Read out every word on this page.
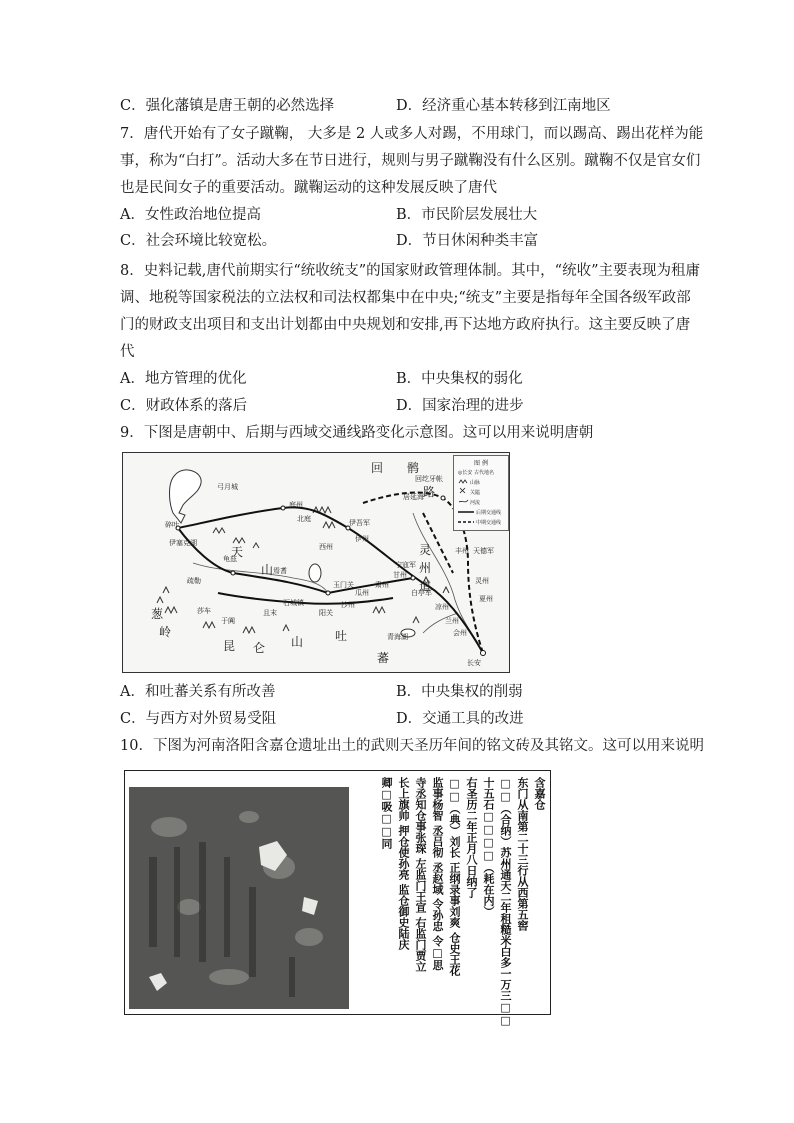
C．强化藩镇是唐王朝的必然选择	D．经济重心基本转移到江南地区
7．唐代开始有了女子蹴鞠， 大多是 2 人或多人对踢，不用球门，而以踢高、踢出花样为能
事，称为“白打”。活动大多在节日进行，规则与男子蹴鞠没有什么区别。蹴鞠不仅是官女们
也是民间女子的重要活动。蹴鞠运动的这种发展反映了唐代
A．女性政治地位提高	B．市民阶层发展壮大
C．社会环境比较宽松。	D．节日休闲种类丰富
8．史料记载,唐代前期实行“统收统支”的国家财政管理体制。其中，“统收”主要表现为租庸
调、地税等国家税法的立法权和司法权都集中在中央;“统支”主要是指每年全国各级军政部
门的财政支出项目和支出计划都由中央规划和安排,再下达地方政府执行。这主要反映了唐
代
A．地方管理的优化	B．中央集权的弱化
C．财政体系的落后	D．国家治理的进步
9．下图是唐朝中、后期与西域交通线路变化示意图。这可以用来说明唐朝
回 鹘
路
灵
州
道
吐
蕃
葱
岭
昆 仑 山
天
山
弓月城
碎叶
伊塞克湖
疏勒
龟兹
焉耆
西州
伊州
庭州
北庭	伊吾军
沙州
瓜州
肃州
甘州
凉州
灵州
夏州
丰州 天德军
长安
兰州
会州
于阗
莎车
石城镇
且末
青海湖
居延海
回纥牙帐
宁寇军
白亭军
阳关
玉门关
图 例
◎长安 古代地名
山脉
关隘
河流
后期交通线
中期交通线
A．和吐蕃关系有所改善	B．中央集权的削弱
C．与西方对外贸易受阻	D．交通工具的改进
10．下图为河南洛阳含嘉仓遗址出土的武则天圣历年间的铭文砖及其铭文。这可以用来说明
含嘉仓
东门从南第二十三行从西第五窖
□□（合纳）苏州通天二年租糙米白多一万三□□
十五石□□□□（耗在内）
右圣历二年正月八日纳了
□□（典）刘长 正纲录事刘爽 仓史王花
监事杨智 丞吕彻 丞赵域 令孙忠 令□思
寺丞知仓事张琛 左监门王宣 右监门贾立
长上旗帅 押仓使孙亮 监仓御史陆庆
卿□吸□□同
